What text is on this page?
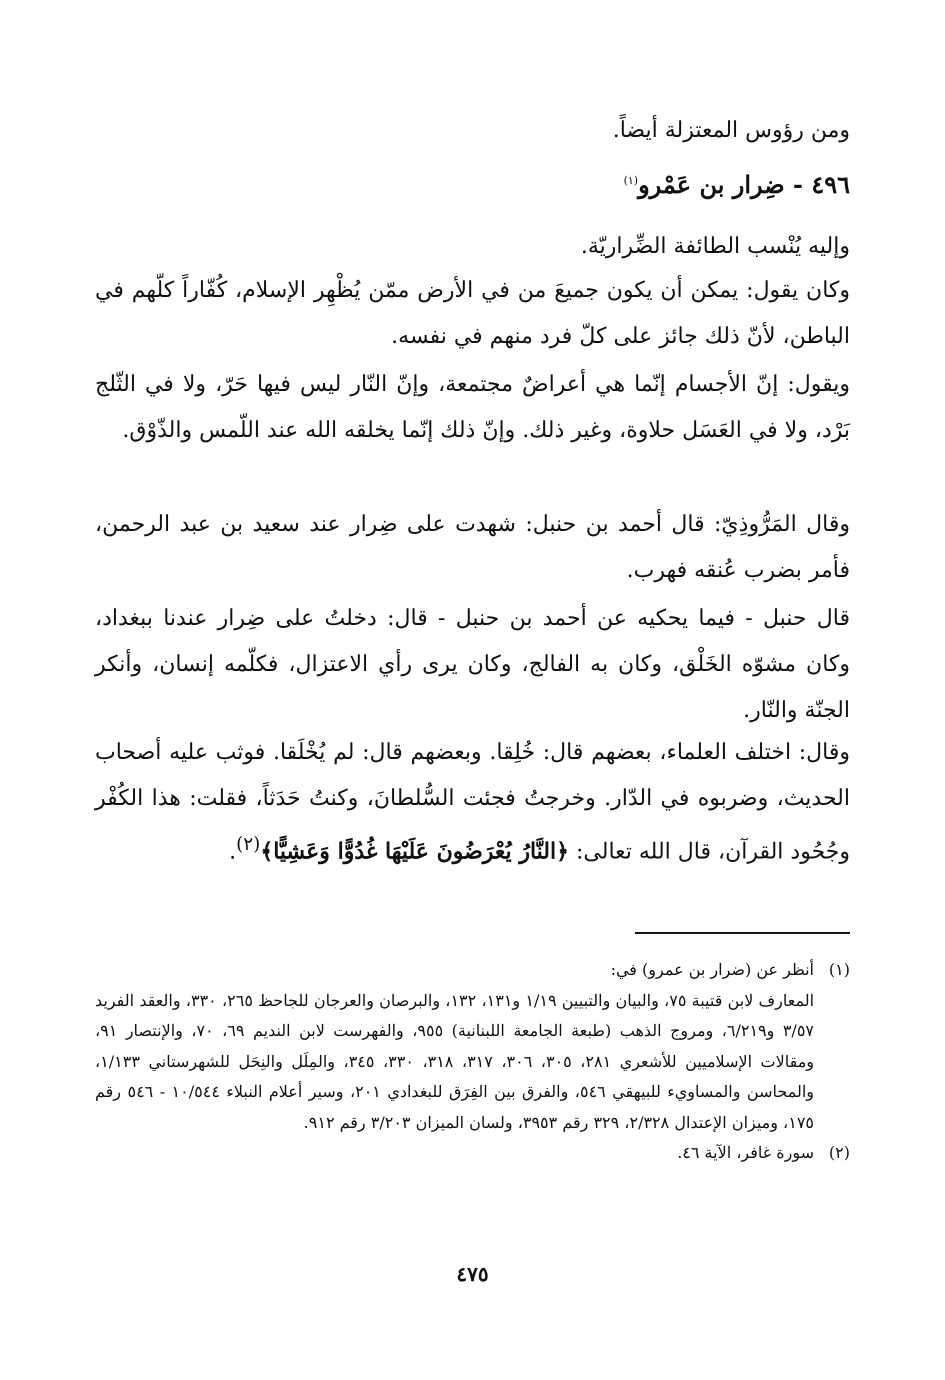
ومن رؤوس المعتزلة أيضاً.

٤٩٦ - ضِرار بن عَمْرو$^{(١)}$

وإليه يُنْسب الطائفة الضِّراريّة.

وكان يقول: يمكن أن يكون جميعَ من في الأرض ممّن يُظْهِر الإسلام، كُفّاراً كلّهم في الباطن، لأنّ ذلك جائز على كلّ فرد منهم في نفسه.

ويقول: إنّ الأجسام إنّما هي أعراضٌ مجتمعة، وإنّ النّار ليس فيها حَرّ، ولا في الثّلج بَرْد، ولا في العَسَل حلاوة، وغير ذلك. وإنّ ذلك إنّما يخلقه الله عند اللّمس والذّوْق.

وقال المَرُّوذِيّ: قال أحمد بن حنبل: شهدت على ضِرار عند سعيد بن عبد الرحمن، فأمر بضرب عُنقه فهرب.

قال حنبل - فيما يحكيه عن أحمد بن حنبل - قال: دخلتُ على ضِرار عندنا ببغداد، وكان مشوّه الخَلْق، وكان به الفالج، وكان يرى رأي الاعتزال، فكلّمه إنسان، وأنكر الجنّة والنّار.

وقال: اختلف العلماء، بعضهم قال: خُلِقا. وبعضهم قال: لم يُخْلَقا. فوثب عليه أصحاب الحديث، وضربوه في الدّار. وخرجتُ فجئت السُّلطانَ، وكنتُ حَدَثاً، فقلت: هذا الكُفْر وجُحُود القرآن، قال الله تعالى: ﴿النَّارُ يُعْرَضُونَ عَلَيْهَا غُدُوًّا وَعَشِيًّا﴾$^{(٢)}$.

(١)

أنظر عن (ضرار بن عمرو) في:

المعارف لابن قتيبة ٧٥، والبيان والتبيين ١/١٩ و١٣١، ١٣٢، والبرصان والعرجان للجاحظ ٢٦٥، ٣٣٠، والعقد الفريد ٣/٥٧ و٦/٢١٩، ومروج الذهب (طبعة الجامعة اللبنانية) ٩٥٥، والفهرست لابن النديم ٦٩، ٧٠، والإنتصار ٩١، ومقالات الإسلاميين للأشعري ٢٨١، ٣٠٥، ٣٠٦، ٣١٧، ٣١٨، ٣٣٠، ٣٤٥، والمِلَل والنِحَل للشهرستاني ١/١٣٣، والمحاسن والمساويء للبيهقي ٥٤٦، والفرق بين الفِرَق للبغدادي ٢٠١، وسير أعلام النبلاء ١٠/٥٤٤ - ٥٤٦ رقم ١٧٥، وميزان الإعتدال ٢/٣٢٨، ٣٢٩ رقم ٣٩٥٣، ولسان الميزان ٣/٢٠٣ رقم ٩١٢.

(٢)

سورة غافر، الآية ٤٦.

٤٧٥
